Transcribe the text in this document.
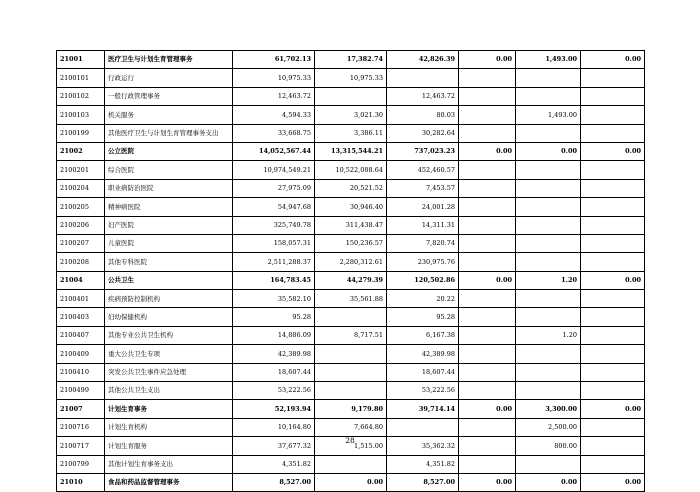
21001	医疗卫生与计划生育管理事务	61,702.13	17,382.74	42,826.39	0.00	1,493.00	0.00
2100101	行政运行	10,975.33	10,975.33				
2100102	一般行政管理事务	12,463.72		12,463.72			
2100103	机关服务	4,594.33	3,021.30	80.03		1,493.00	
2100199	其他医疗卫生与计划生育管理事务支出	33,668.75	3,386.11	30,282.64			
21002	公立医院	14,052,567.44	13,315,544.21	737,023.23	0.00	0.00	0.00
2100201	综合医院	10,974,549.21	10,522,088.64	452,460.57			
2100204	职业病防治医院	27,975.09	20,521.52	7,453.57			
2100205	精神病医院	54,947.68	30,946.40	24,001.28			
2100206	妇产医院	325,749.78	311,438.47	14,311.31			
2100207	儿童医院	158,057.31	150,236.57	7,820.74			
2100208	其他专科医院	2,511,288.37	2,280,312.61	230,975.76			
21004	公共卫生	164,783.45	44,279.39	120,502.86	0.00	1.20	0.00
2100401	疾病预防控制机构	35,582.10	35,561.88	20.22			
2100403	妇幼保健机构	95.28		95.28			
2100407	其他专业公共卫生机构	14,886.09	8,717.51	6,167.38		1.20	
2100409	重大公共卫生专项	42,389.98		42,389.98			
2100410	突发公共卫生事件应急处理	18,607.44		18,607.44			
2100499	其他公共卫生支出	53,222.56		53,222.56			
21007	计划生育事务	52,193.94	9,179.80	39,714.14	0.00	3,300.00	0.00
2100716	计划生育机构	10,164.80	7,664.80			2,500.00	
2100717	计划生育服务	37,677.32	1,515.00	35,362.32		800.00	
2100799	其他计划生育事务支出	4,351.82		4,351.82			
21010	食品和药品监督管理事务	8,527.00	0.00	8,527.00	0.00	0.00	0.00
28
